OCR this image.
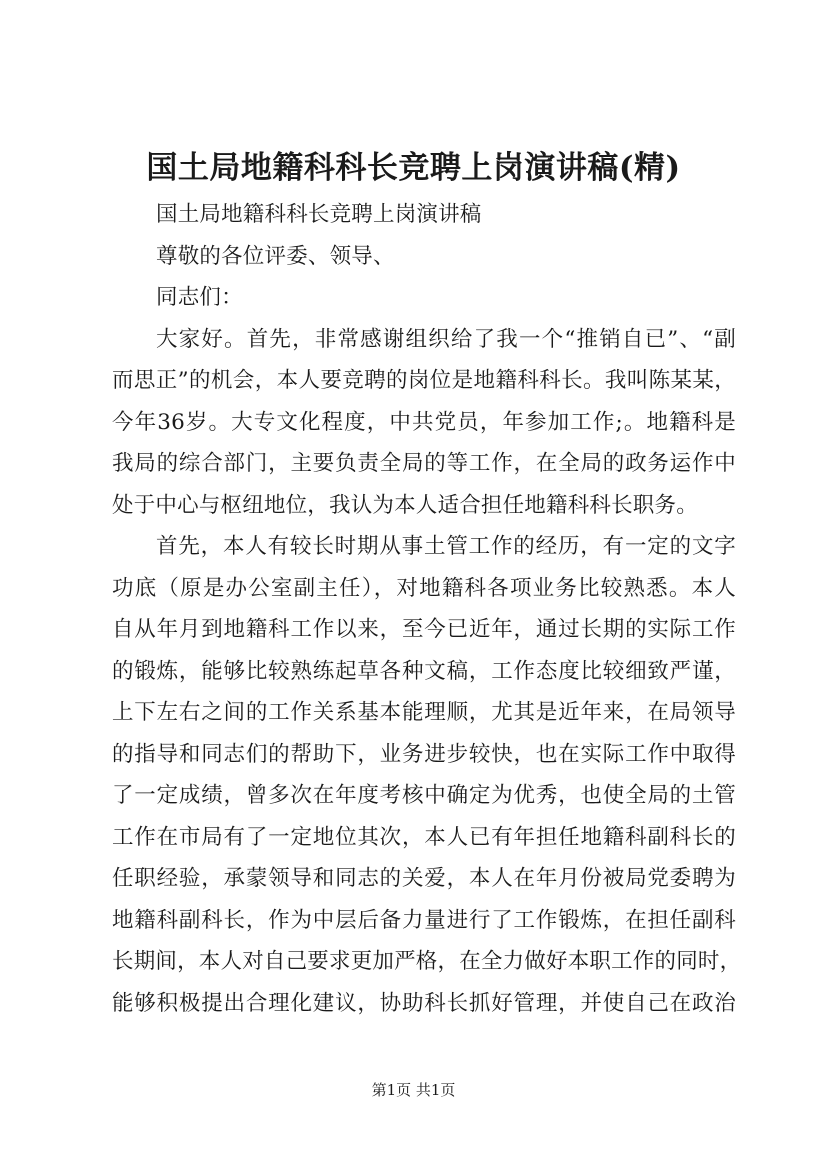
国土局地籍科科长竞聘上岗演讲稿(精)
国土局地籍科科长竞聘上岗演讲稿
尊敬的各位评委、领导、
同志们：
大家好。首先，非常感谢组织给了我一个“推销自已”、“副
而思正”的机会，本人要竞聘的岗位是地籍科科长。我叫陈某某，
今年36岁。大专文化程度，中共党员，年参加工作;。地籍科是
我局的综合部门，主要负责全局的等工作，在全局的政务运作中
处于中心与枢纽地位，我认为本人适合担任地籍科科长职务。
首先，本人有较长时期从事土管工作的经历，有一定的文字
功底（原是办公室副主任），对地籍科各项业务比较熟悉。本人
自从年月到地籍科工作以来，至今已近年，通过长期的实际工作
的锻炼，能够比较熟练起草各种文稿，工作态度比较细致严谨，
上下左右之间的工作关系基本能理顺，尤其是近年来，在局领导
的指导和同志们的帮助下，业务进步较快，也在实际工作中取得
了一定成绩，曾多次在年度考核中确定为优秀，也使全局的土管
工作在市局有了一定地位其次，本人已有年担任地籍科副科长的
任职经验，承蒙领导和同志的关爱，本人在年月份被局党委聘为
地籍科副科长，作为中层后备力量进行了工作锻炼，在担任副科
长期间，本人对自己要求更加严格，在全力做好本职工作的同时，
能够积极提出合理化建议，协助科长抓好管理，并使自己在政治
第1页 共1页
